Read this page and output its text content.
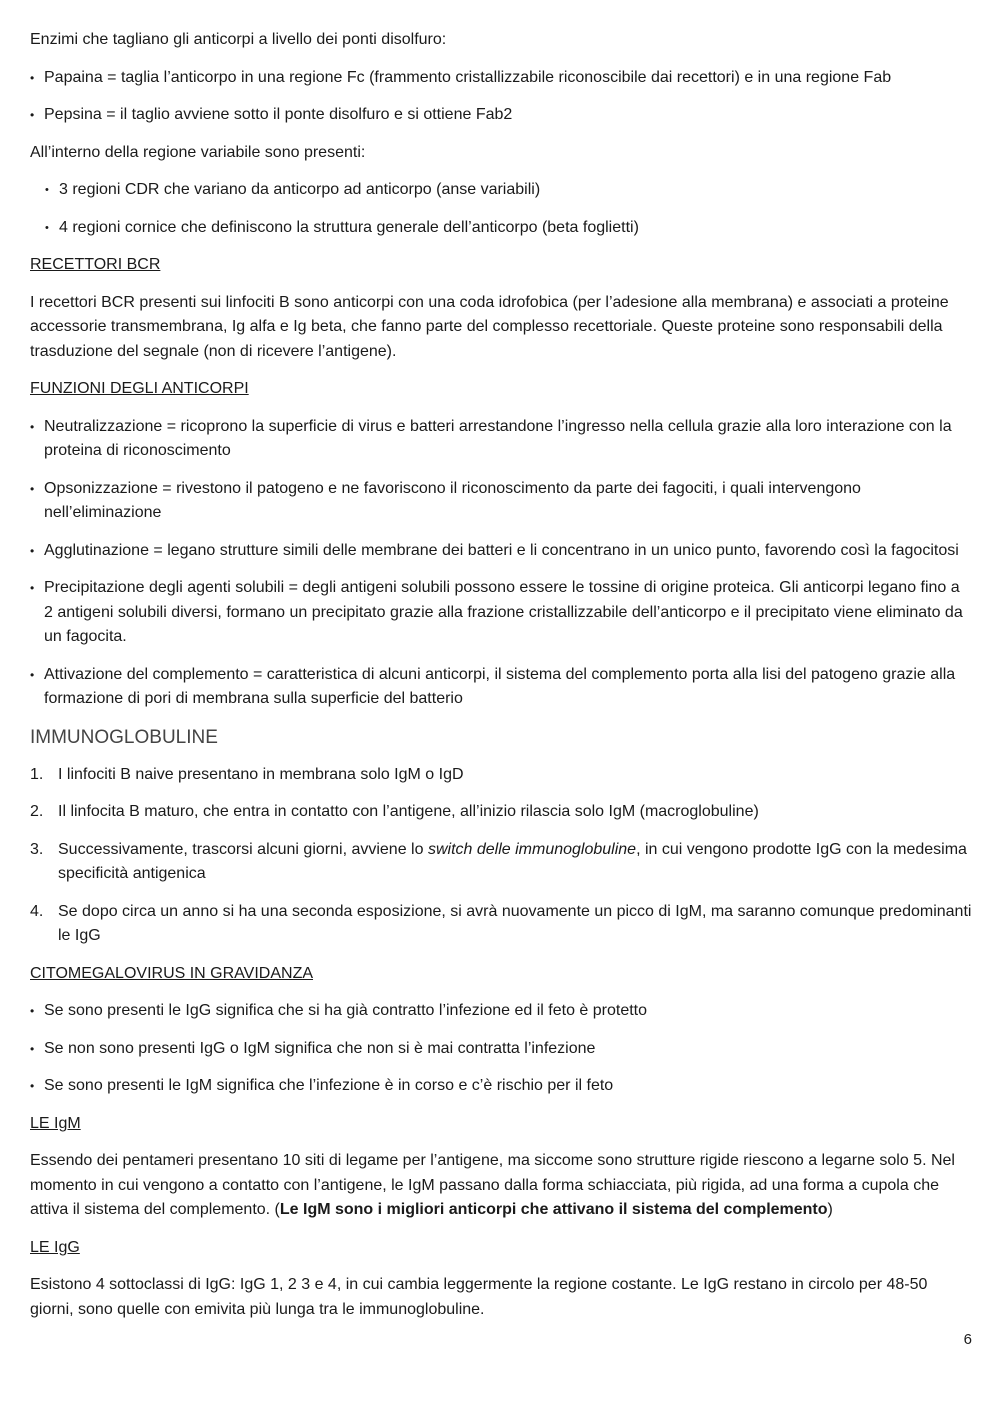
Enzimi che tagliano gli anticorpi a livello dei ponti disolfuro:

• Papaina = taglia l’anticorpo in una regione Fc (frammento cristallizzabile riconoscibile dai recettori) e in una regione Fab
• Pepsina = il taglio avviene sotto il ponte disolfuro e si ottiene Fab2

All’interno della regione variabile sono presenti:

• 3 regioni CDR che variano da anticorpo ad anticorpo (anse variabili)
• 4 regioni cornice che definiscono la struttura generale dell’anticorpo (beta foglietti)
RECETTORI BCR

I recettori BCR presenti sui linfociti B sono anticorpi con una coda idrofobica (per l’adesione alla membrana) e associati a proteine accessorie transmembrana, Ig alfa e Ig beta, che fanno parte del complesso recettoriale. Queste proteine sono responsabili della trasduzione del segnale (non di ricevere l’antigene).

FUNZIONI DEGLI ANTICORPI
• Neutralizzazione = ricoprono la superficie di virus e batteri arrestandone l’ingresso nella cellula grazie alla loro interazione con la proteina di riconoscimento
• Opsonizzazione = rivestono il patogeno e ne favoriscono il riconoscimento da parte dei fagociti, i quali intervengono nell’eliminazione
• Agglutinazione = legano strutture simili delle membrane dei batteri e li concentrano in un unico punto, favorendo così la fagocitosi
• Precipitazione degli agenti solubili = degli antigeni solubili possono essere le tossine di origine proteica. Gli anticorpi legano fino a 2 antigeni solubili diversi, formano un precipitato grazie alla frazione cristallizzabile dell’anticorpo e il precipitato viene eliminato da un fagocita.
• Attivazione del complemento = caratteristica di alcuni anticorpi, il sistema del complemento porta alla lisi del patogeno grazie alla formazione di pori di membrana sulla superficie del batterio
IMMUNOGLOBULINE
1. I linfociti B naive presentano in membrana solo IgM o IgD
2. Il linfocita B maturo, che entra in contatto con l’antigene, all’inizio rilascia solo IgM (macroglobuline)
3. Successivamente, trascorsi alcuni giorni, avviene lo switch delle immunoglobuline, in cui vengono prodotte IgG con la medesima specificità antigenica
4. Se dopo circa un anno si ha una seconda esposizione, si avrà nuovamente un picco di IgM, ma saranno comunque predominanti le IgG
CITOMEGALOVIRUS IN GRAVIDANZA
• Se sono presenti le IgG significa che si ha già contratto l’infezione ed il feto è protetto
• Se non sono presenti IgG o IgM significa che non si è mai contratta l’infezione
• Se sono presenti le IgM significa che l’infezione è in corso e c’è rischio per il feto
LE IgM

Essendo dei pentameri presentano 10 siti di legame per l’antigene, ma siccome sono strutture rigide riescono a legarne solo 5. Nel momento in cui vengono a contatto con l’antigene, le IgM passano dalla forma schiacciata, più rigida, ad una forma a cupola che attiva il sistema del complemento. (Le IgM sono i migliori anticorpi che attivano il sistema del complemento)

LE IgG

Esistono 4 sottoclassi di IgG: IgG 1, 2 3 e 4, in cui cambia leggermente la regione costante. Le IgG restano in circolo per 48-50 giorni, sono quelle con emivita più lunga tra le immunoglobuline.

6
